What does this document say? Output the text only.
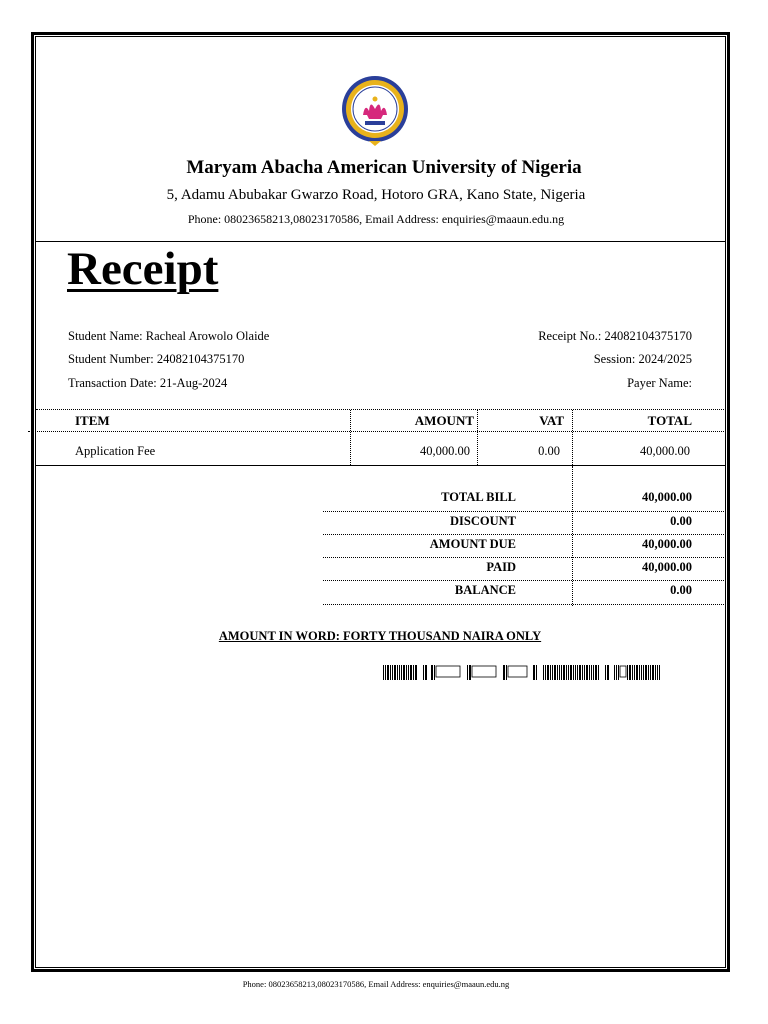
Maryam Abacha American University of Nigeria
5, Adamu Abubakar Gwarzo Road, Hotoro GRA, Kano State, Nigeria
Phone: 08023658213,08023170586, Email Address: enquiries@maaun.edu.ng
Receipt
Student Name: Racheal Arowolo Olaide
Student Number: 24082104375170
Transaction Date: 21-Aug-2024
Receipt No.: 24082104375170
Session: 2024/2025
Payer Name:
ITEM	AMOUNT	VAT	TOTAL
Application Fee	40,000.00	0.00	40,000.00
TOTAL BILL	40,000.00
DISCOUNT	0.00
AMOUNT DUE	40,000.00
PAID	40,000.00
BALANCE	0.00
AMOUNT IN WORD: FORTY THOUSAND NAIRA ONLY
Phone: 08023658213,08023170586, Email Address: enquiries@maaun.edu.ng
